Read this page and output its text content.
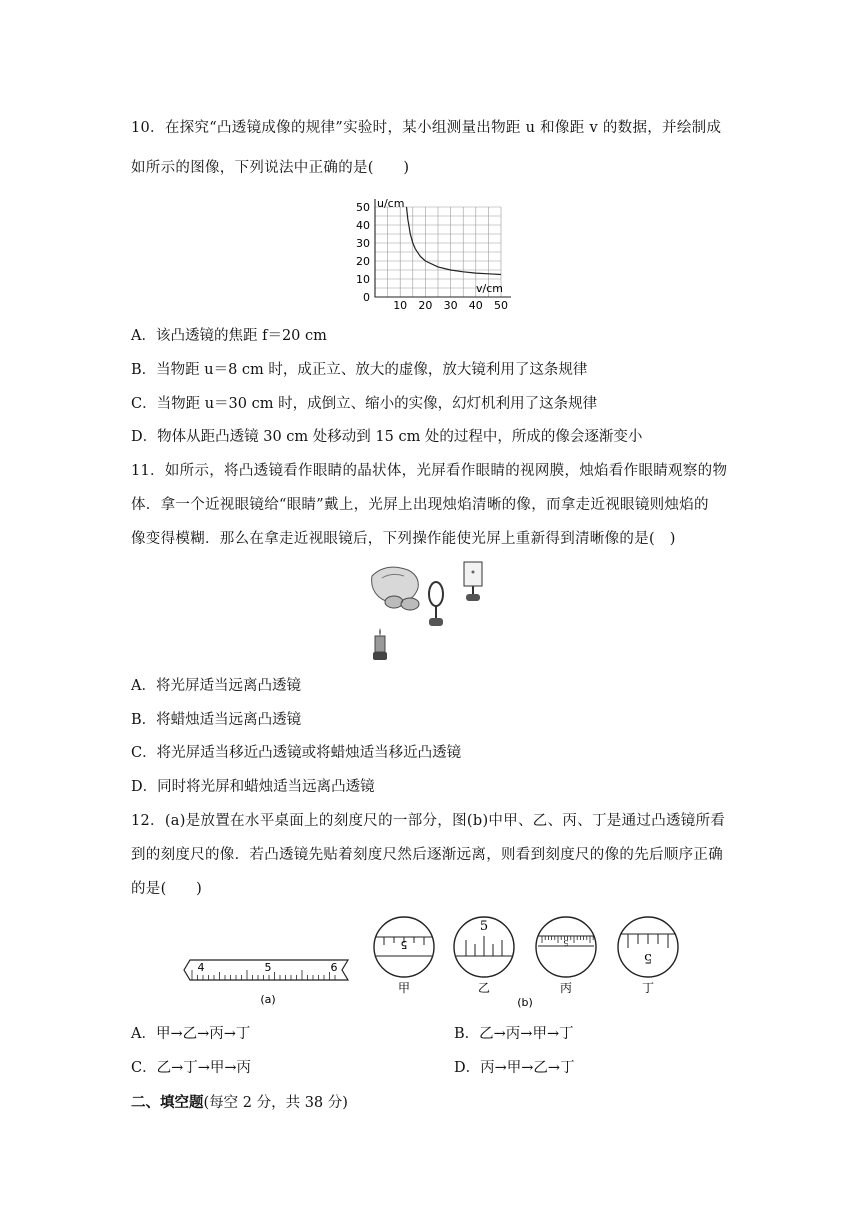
10．在探究“凸透镜成像的规律”实验时，某小组测量出物距 u 和像距 v 的数据，并绘制成
如所示的图像，下列说法中正确的是(　　)
10 20 30 40 50
0
10
20
30
40
50 u/cm
v/cm
A．该凸透镜的焦距 f＝20 cm
B．当物距 u＝8 cm 时，成正立、放大的虚像，放大镜利用了这条规律
C．当物距 u＝30 cm 时，成倒立、缩小的实像，幻灯机利用了这条规律
D．物体从距凸透镜 30 cm 处移动到 15 cm 处的过程中，所成的像会逐渐变小
11．如所示，将凸透镜看作眼睛的晶状体，光屏看作眼睛的视网膜，烛焰看作眼睛观察的物
体．拿一个近视眼镜给“眼睛”戴上，光屏上出现烛焰清晰的像，而拿走近视眼镜则烛焰的
像变得模糊．那么在拿走近视眼镜后，下列操作能使光屏上重新得到清晰像的是(　)
A．将光屏适当远离凸透镜
B．将蜡烛适当远离凸透镜
C．将光屏适当移近凸透镜或将蜡烛适当移近凸透镜
D．同时将光屏和蜡烛适当远离凸透镜
12．(a)是放置在水平桌面上的刻度尺的一部分，图(b)中甲、乙、丙、丁是通过凸透镜所看
到的刻度尺的像．若凸透镜先贴着刻度尺然后逐渐远离，则看到刻度尺的像的先后顺序正确
的是(　　)
4	5	6
(a)
5
甲
5
乙
5
丙
5
丁
(b)
A．甲→乙→丙→丁	B．乙→丙→甲→丁
C．乙→丁→甲→丙	D．丙→甲→乙→丁
二、填空题(每空 2 分，共 38 分)
